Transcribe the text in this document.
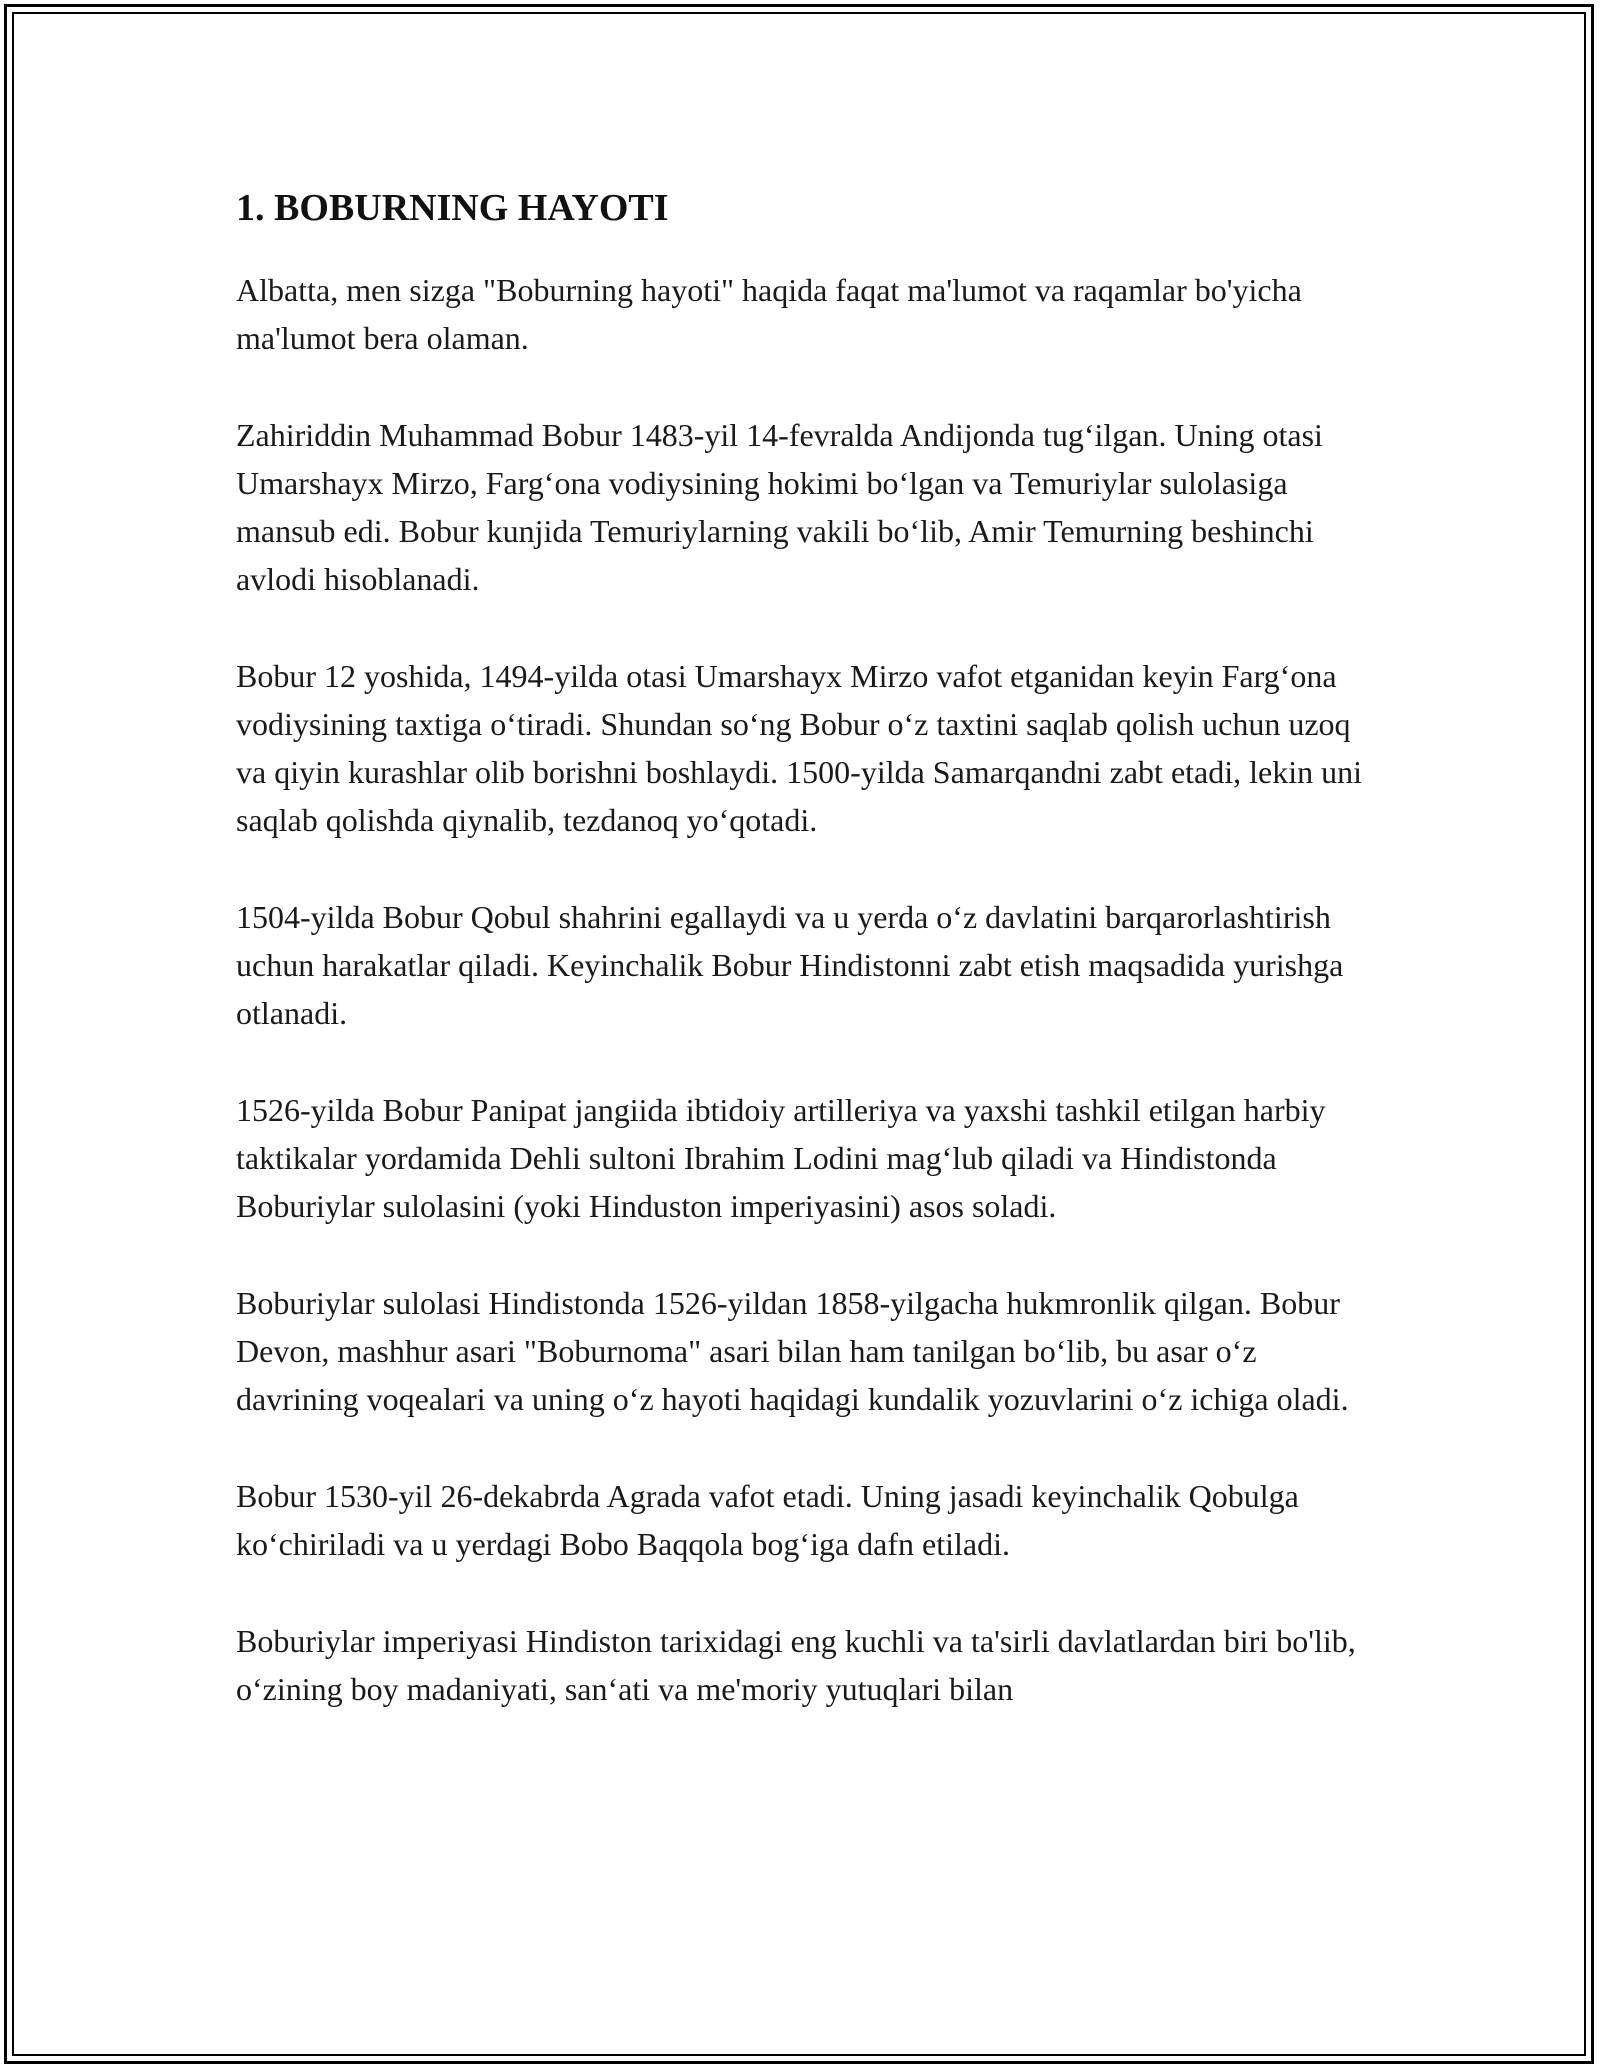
1. BOBURNING HAYOTI

Albatta, men sizga "Boburning hayoti" haqida faqat ma'lumot va raqamlar bo'yicha ma'lumot bera olaman.

Zahiriddin Muhammad Bobur 1483-yil 14-fevralda Andijonda tug‘ilgan. Uning otasi Umarshayx Mirzo, Farg‘ona vodiysining hokimi bo‘lgan va Temuriylar sulolasiga mansub edi. Bobur kunjida Temuriylarning vakili bo‘lib, Amir Temurning beshinchi avlodi hisoblanadi.

Bobur 12 yoshida, 1494-yilda otasi Umarshayx Mirzo vafot etganidan keyin Farg‘ona vodiysining taxtiga o‘tiradi. Shundan so‘ng Bobur o‘z taxtini saqlab qolish uchun uzoq va qiyin kurashlar olib borishni boshlaydi. 1500-yilda Samarqandni zabt etadi, lekin uni saqlab qolishda qiynalib, tezdanoq yo‘qotadi.

1504-yilda Bobur Qobul shahrini egallaydi va u yerda o‘z davlatini barqarorlashtirish uchun harakatlar qiladi. Keyinchalik Bobur Hindistonni zabt etish maqsadida yurishga otlanadi.

1526-yilda Bobur Panipat jangiida ibtidoiy artilleriya va yaxshi tashkil etilgan harbiy taktikalar yordamida Dehli sultoni Ibrahim Lodini mag‘lub qiladi va Hindistonda Boburiylar sulolasini (yoki Hinduston imperiyasini) asos soladi.

Boburiylar sulolasi Hindistonda 1526-yildan 1858-yilgacha hukmronlik qilgan. Bobur Devon, mashhur asari "Boburnoma" asari bilan ham tanilgan bo‘lib, bu asar o‘z davrining voqealari va uning o‘z hayoti haqidagi kundalik yozuvlarini o‘z ichiga oladi.

Bobur 1530-yil 26-dekabrda Agrada vafot etadi. Uning jasadi keyinchalik Qobulga ko‘chiriladi va u yerdagi Bobo Baqqola bog‘iga dafn etiladi.

Boburiylar imperiyasi Hindiston tarixidagi eng kuchli va ta'sirli davlatlardan biri bo'lib, o‘zining boy madaniyati, san‘ati va me'moriy yutuqlari bilan
